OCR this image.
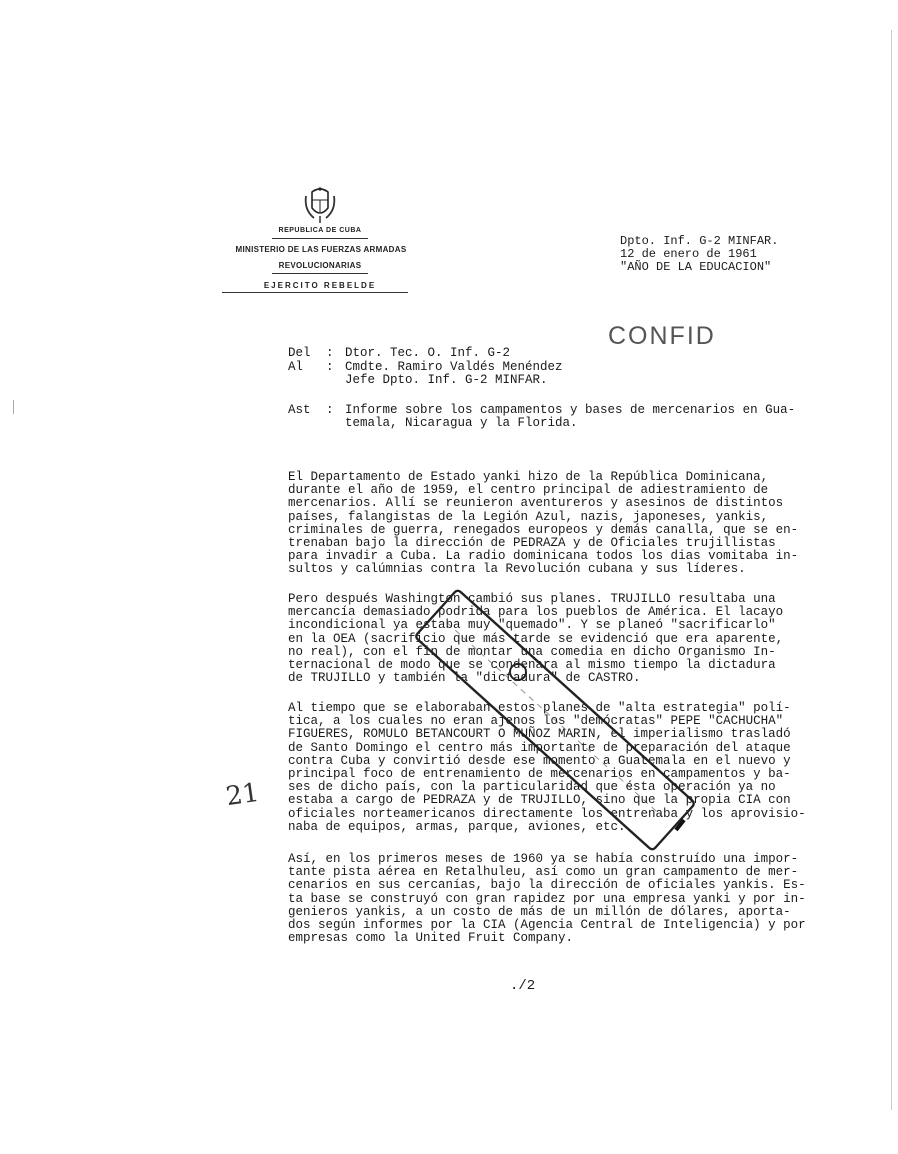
REPUBLICA DE CUBA
MINISTERIO DE LAS FUERZAS ARMADAS
REVOLUCIONARIAS
EJERCITO REBELDE
Dpto. Inf. G-2 MINFAR.
12 de enero de 1961
"AÑO DE LA EDUCACION"
CONFID
Del : Dtor. Tec. O. Inf. G-2
Al : Cmdte. Ramiro Valdés Menéndez
Jefe Dpto. Inf. G-2 MINFAR.
Ast : Informe sobre los campamentos y bases de mercenarios en Gua-
temala, Nicaragua y la Florida.
El Departamento de Estado yanki hizo de la República Dominicana,
durante el año de 1959, el centro principal de adiestramiento de
mercenarios. Allí se reunieron aventureros y asesinos de distintos
países, falangistas de la Legión Azul, nazis, japoneses, yankis,
criminales de guerra, renegados europeos y demás canalla, que se en-
trenaban bajo la dirección de PEDRAZA y de Oficiales trujillistas
para invadir a Cuba. La radio dominicana todos los dias vomitaba in-
sultos y calúmnias contra la Revolución cubana y sus líderes.
Pero después Washington cambió sus planes. TRUJILLO resultaba una
mercancía demasiado podrida para los pueblos de América. El lacayo
incondicional ya estaba muy "quemado". Y se planeó "sacrificarlo"
en la OEA (sacrificio que más tarde se evidenció que era aparente,
no real), con el fin de montar una comedia en dicho Organismo In-
ternacional de modo que se condenara al mismo tiempo la dictadura
de TRUJILLO y también la "dictadura" de CASTRO.
Al tiempo que se elaboraban estos planes de "alta estrategia" polí-
tica, a los cuales no eran ajenos los "demócratas" PEPE "CACHUCHA"
FIGUERES, ROMULO BETANCOURT O MUÑOZ MARIN, el imperialismo trasladó
de Santo Domingo el centro más importante de preparación del ataque
contra Cuba y convirtió desde ese momento a Guatemala en el nuevo y
principal foco de entrenamiento de mercenarios en campamentos y ba-
ses de dicho país, con la particularidad que ésta operación ya no
estaba a cargo de PEDRAZA y de TRUJILLO, sino que la propia CIA con
oficiales norteamericanos directamente los entrenaba y los aprovisio-
naba de equipos, armas, parque, aviones, etc.
Así, en los primeros meses de 1960 ya se había construído una impor-
tante pista aérea en Retalhuleu, así como un gran campamento de mer-
cenarios en sus cercanías, bajo la dirección de oficiales yankis. Es-
ta base se construyó con gran rapidez por una empresa yanki y por in-
genieros yankis, a un costo de más de un millón de dólares, aporta-
dos según informes por la CIA (Agencia Central de Inteligencia) y por
empresas como la United Fruit Company.
21
./2
